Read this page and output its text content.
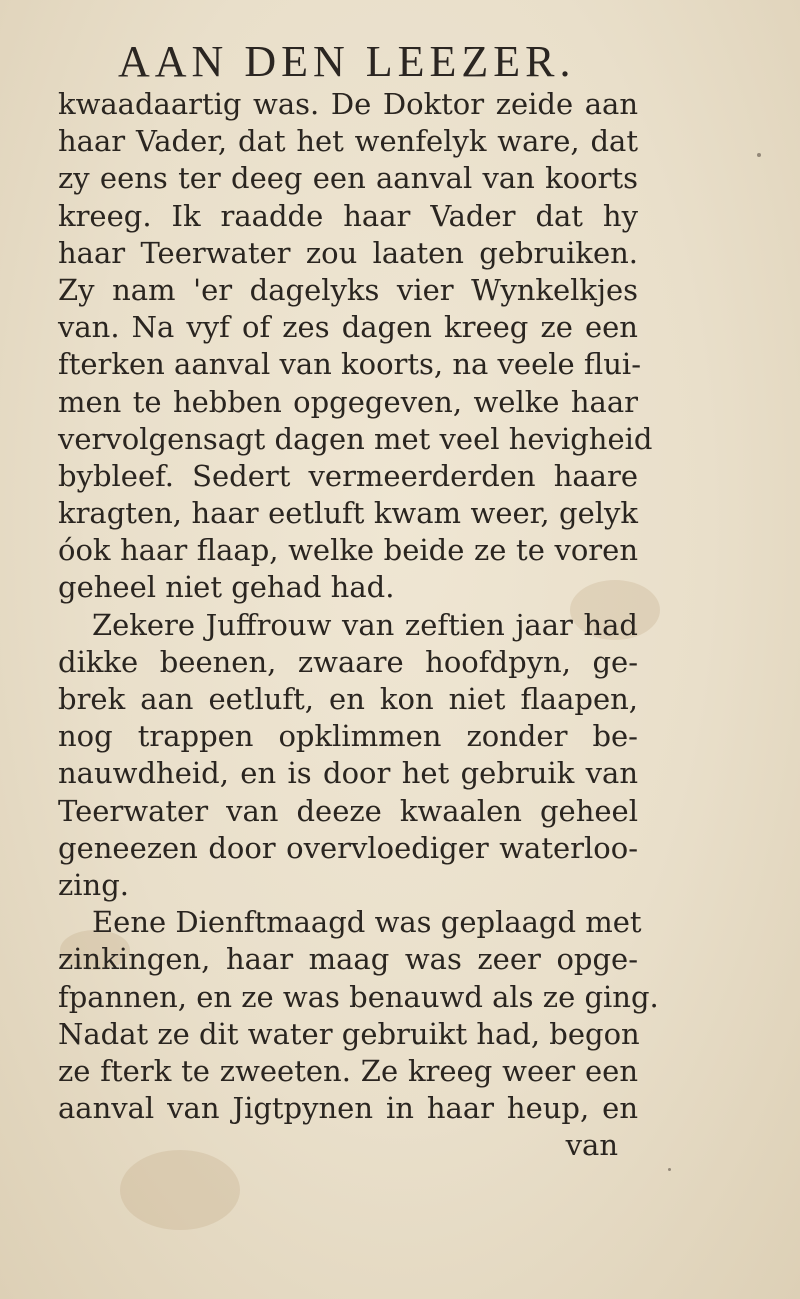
AAN DEN LEEZER.
kwaadaartig was. De Doktor zeide aan
haar Vader, dat het wenfelyk ware, dat
zy eens ter deeg een aanval van koorts
kreeg. Ik raadde haar Vader dat hy
haar Teerwater zou laaten gebruiken.
Zy nam 'er dagelyks vier Wynkelkjes
van. Na vyf of zes dagen kreeg ze een
fterken aanval van koorts, na veele flui-
men te hebben opgegeven, welke haar
vervolgensagt dagen met veel hevigheid
bybleef. Sedert vermeerderden haare
kragten, haar eetluft kwam weer, gelyk
óok haar flaap, welke beide ze te voren
geheel niet gehad had.
Zekere Juffrouw van zeftien jaar had
dikke beenen, zwaare hoofdpyn, ge-
brek aan eetluft, en kon niet flaapen,
nog trappen opklimmen zonder be-
nauwdheid, en is door het gebruik van
Teerwater van deeze kwaalen geheel
geneezen door overvloediger waterloo-
zing.
Eene Dienftmaagd was geplaagd met
zinkingen, haar maag was zeer opge-
fpannen, en ze was benauwd als ze ging.
Nadat ze dit water gebruikt had, begon
ze fterk te zweeten. Ze kreeg weer een
aanval van Jigtpynen in haar heup, en
van
